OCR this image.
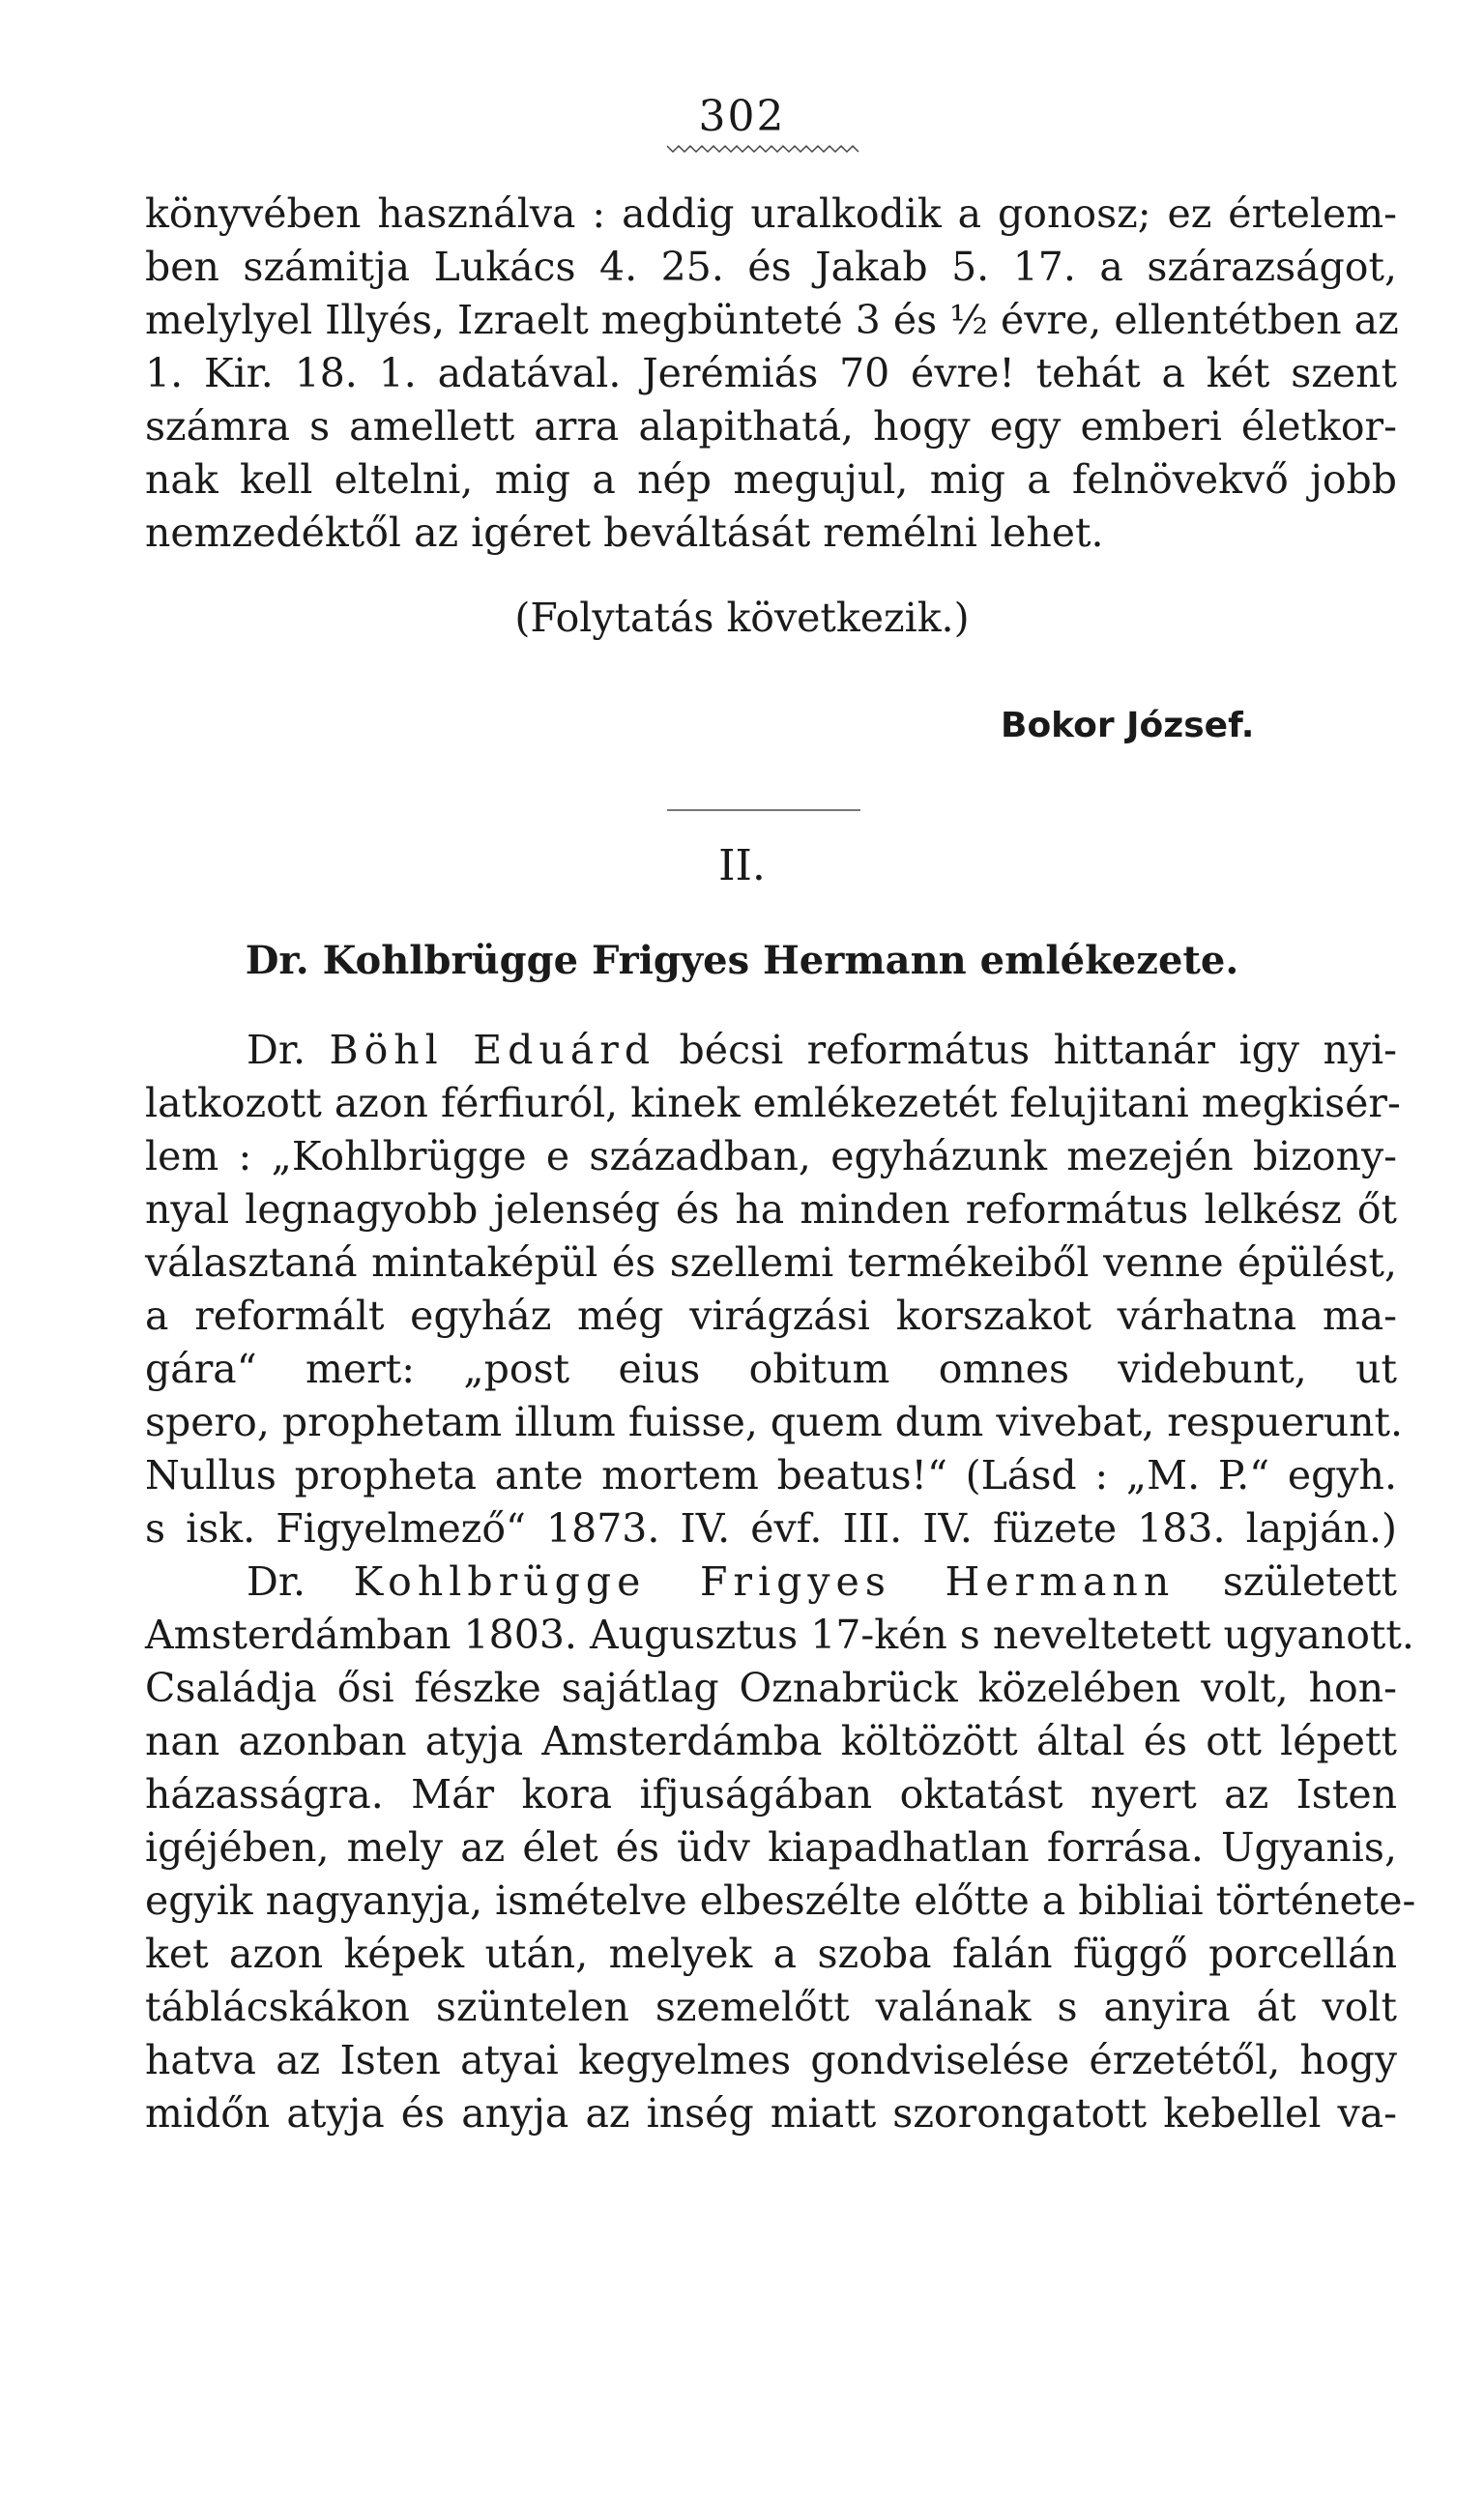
302
könyvében használva : addig uralkodik a gonosz; ez értelem-
ben számitja Lukács 4. 25. és Jakab 5. 17. a szárazságot,
melylyel Illyés, Izraelt megbünteté 3 és ½ évre, ellentétben az
1. Kir. 18. 1. adatával. Jerémiás 70 évre! tehát a két szent
számra s amellett arra alapithatá, hogy egy emberi életkor-
nak kell eltelni, mig a nép megujul, mig a felnövekvő jobb
nemzedéktől az igéret beváltását remélni lehet.
(Folytatás következik.)
Bokor József.
II.
Dr. Kohlbrügge Frigyes Hermann emlékezete.
Dr. Böhl Eduárd bécsi református hittanár igy nyi-
latkozott azon férfiuról, kinek emlékezetét felujitani megkisér-
lem : „Kohlbrügge e században, egyházunk mezején bizony-
nyal legnagyobb jelenség és ha minden református lelkész őt
választaná mintaképül és szellemi termékeiből venne épülést,
a reformált egyház még virágzási korszakot várhatna ma-
gára“ mert: „post eius obitum omnes videbunt, ut
spero, prophetam illum fuisse, quem dum vivebat, respuerunt.
Nullus propheta ante mortem beatus!“ (Lásd : „M. P.“ egyh.
s isk. Figyelmező“ 1873. IV. évf. III. IV. füzete 183. lapján.)
Dr. Kohlbrügge Frigyes Hermann született
Amsterdámban 1803. Augusztus 17-kén s neveltetett ugyanott.
Családja ősi fészke sajátlag Oznabrück közelében volt, hon-
nan azonban atyja Amsterdámba költözött által és ott lépett
házasságra. Már kora ifjuságában oktatást nyert az Isten
igéjében, mely az élet és üdv kiapadhatlan forrása. Ugyanis,
egyik nagyanyja, ismételve elbeszélte előtte a bibliai története-
ket azon képek után, melyek a szoba falán függő porcellán
táblácskákon szüntelen szemelőtt valának s anyira át volt
hatva az Isten atyai kegyelmes gondviselése érzetétől, hogy
midőn atyja és anyja az inség miatt szorongatott kebellel va-
